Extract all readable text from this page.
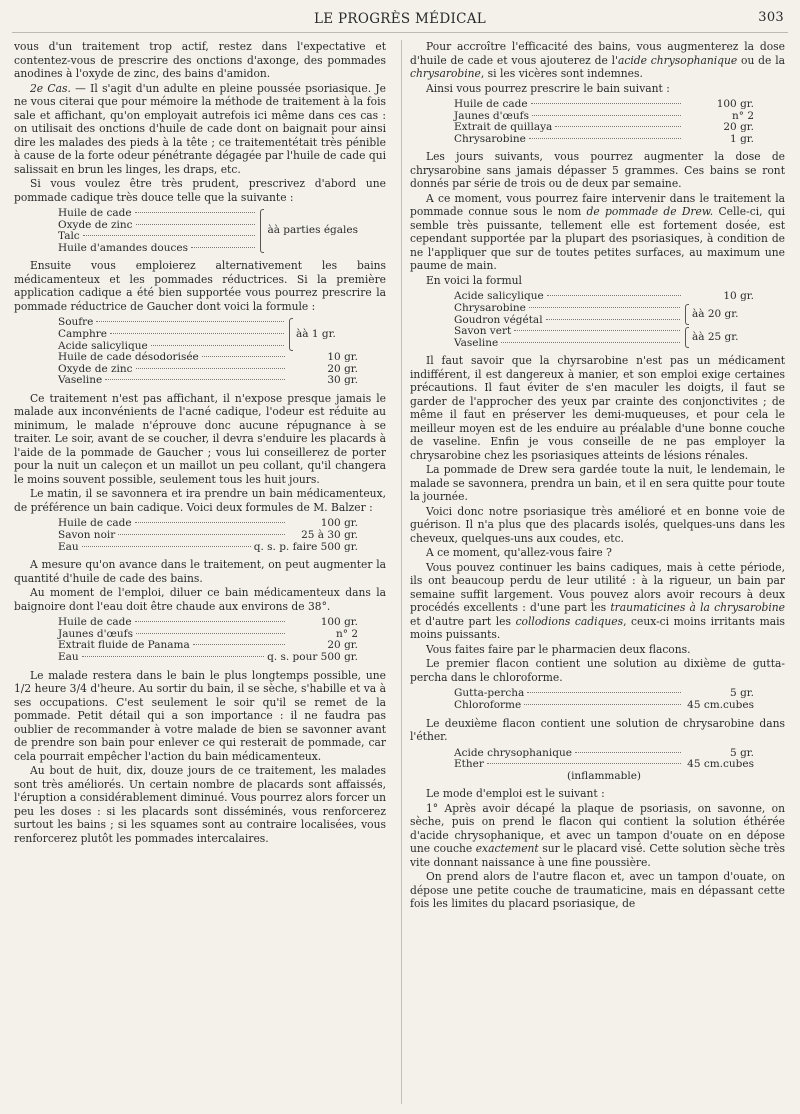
LE PROGRÈS MÉDICAL	303

vous d'un traitement trop actif, restez dans l'expectative et contentez-vous de prescrire des onctions d'axonge, des pommades anodines à l'oxyde de zinc, des bains d'amidon.

2e Cas. — Il s'agit d'un adulte en pleine poussée psoriasique. Je ne vous citerai que pour mémoire la méthode de traitement à la fois sale et affichant, qu'on employait autrefois ici même dans ces cas : on utilisait des onctions d'huile de cade dont on baignait pour ainsi dire les malades des pieds à la tête ; ce traitementétait très pénible à cause de la forte odeur pénétrante dégagée par l'huile de cade qui salissait en brun les linges, les draps, etc.

Si vous voulez être très prudent, prescrivez d'abord une pommade cadique très douce telle que la suivante :

Huile de cade
Oxyde de zinc
Talc
Huile d'amandes douces
àà parties égales

Ensuite vous emploierez alternativement les bains médicamenteux et les pommades réductrices. Si la première application cadique a été bien supportée vous pourrez prescrire la pommade réductrice de Gaucher dont voici la formule :

Soufre
Camphre
Acide salicylique
àà 1 gr.
Huile de cade désodorisée	10 gr.
Oxyde de zinc	20 gr.
Vaseline	30 gr.

Ce traitement n'est pas affichant, il n'expose presque jamais le malade aux inconvénients de l'acné cadique, l'odeur est réduite au minimum, le malade n'éprouve donc aucune répugnance à se traiter. Le soir, avant de se coucher, il devra s'enduire les placards à l'aide de la pommade de Gaucher ; vous lui conseillerez de porter pour la nuit un caleçon et un maillot un peu collant, qu'il changera le moins souvent possible, seulement tous les huit jours.

Le matin, il se savonnera et ira prendre un bain médicamenteux, de préférence un bain cadique. Voici deux formules de M. Balzer :

Huile de cade	100 gr.
Savon noir	25 à 30 gr.
Eau	q. s. p. faire 500 gr.

A mesure qu'on avance dans le traitement, on peut augmenter la quantité d'huile de cade des bains.

Au moment de l'emploi, diluer ce bain médicamenteux dans la baignoire dont l'eau doit être chaude aux environs de 38°.

Huile de cade	100 gr.
Jaunes d'œufs	n° 2
Extrait fluide de Panama	20 gr.
Eau	q. s. pour 500 gr.

Le malade restera dans le bain le plus longtemps possible, une 1/2 heure 3/4 d'heure. Au sortir du bain, il se sèche, s'habille et va à ses occupations. C'est seulement le soir qu'il se remet de la pommade. Petit détail qui a son importance : il ne faudra pas oublier de recommander à votre malade de bien se savonner avant de prendre son bain pour enlever ce qui resterait de pommade, car cela pourrait empêcher l'action du bain médicamenteux.

Au bout de huit, dix, douze jours de ce traitement, les malades sont très améliorés. Un certain nombre de placards sont affaissés, l'éruption a considérablement diminué. Vous pourrez alors forcer un peu les doses : si les placards sont disséminés, vous renforcerez surtout les bains ; si les squames sont au contraire localisées, vous renforcerez plutôt les pommades intercalaires.

Pour accroître l'efficacité des bains, vous augmenterez la dose d'huile de cade et vous ajouterez de l'acide chrysophanique ou de la chrysarobine, si les vicères sont indemnes.

Ainsi vous pourrez prescrire le bain suivant :

Huile de cade	100 gr.
Jaunes d'œufs	n° 2
Extrait de quillaya	20 gr.
Chrysarobine	1 gr.

Les jours suivants, vous pourrez augmenter la dose de chrysarobine sans jamais dépasser 5 grammes. Ces bains se ront donnés par série de trois ou de deux par semaine.

A ce moment, vous pourrez faire intervenir dans le traitement la pommade connue sous le nom de pommade de Drew. Celle-ci, qui semble très puissante, tellement elle est fortement dosée, est cependant supportée par la plupart des psoriasiques, à condition de ne l'appliquer que sur de toutes petites surfaces, au maximum une paume de main.

En voici la formul

Acide salicylique	10 gr.
Chrysarobine
Goudron végétal	àà 20 gr.
Savon vert
Vaseline	àà 25 gr.

Il faut savoir que la chyrsarobine n'est pas un médicament indifférent, il est dangereux à manier, et son emploi exige certaines précautions. Il faut éviter de s'en maculer les doigts, il faut se garder de l'approcher des yeux par crainte des conjonctivites ; de même il faut en préserver les demi-muqueuses, et pour cela le meilleur moyen est de les enduire au préalable d'une bonne couche de vaseline. Enfin je vous conseille de ne pas employer la chrysarobine chez les psoriasiques atteints de lésions rénales.

La pommade de Drew sera gardée toute la nuit, le lendemain, le malade se savonnera, prendra un bain, et il en sera quitte pour toute la journée.

Voici donc notre psoriasique très amélioré et en bonne voie de guérison. Il n'a plus que des placards isolés, quelques-uns dans les cheveux, quelques-uns aux coudes, etc.

A ce moment, qu'allez-vous faire ?

Vous pouvez continuer les bains cadiques, mais à cette période, ils ont beaucoup perdu de leur utilité : à la rigueur, un bain par semaine suffit largement. Vous pouvez alors avoir recours à deux procédés excellents : d'une part les traumaticines à la chrysarobine et d'autre part les collodions cadiques, ceux-ci moins irritants mais moins puissants.

Vous faites faire par le pharmacien deux flacons.

Le premier flacon contient une solution au dixième de gutta-percha dans le chloroforme.

Gutta-percha	5 gr.
Chloroforme	45 cm.cubes

Le deuxième flacon contient une solution de chrysarobine dans l'éther.

Acide chrysophanique	5 gr.
Ether	45 cm.cubes
(inflammable)

Le mode d'emploi est le suivant :

1° Après avoir décapé la plaque de psoriasis, on savonne, on sèche, puis on prend le flacon qui contient la solution éthérée d'acide chrysophanique, et avec un tampon d'ouate on en dépose une couche exactement sur le placard visé. Cette solution sèche très vite donnant naissance à une fine poussière.

On prend alors de l'autre flacon et, avec un tampon d'ouate, on dépose une petite couche de traumaticine, mais en dépassant cette fois les limites du placard psoriasique, de
